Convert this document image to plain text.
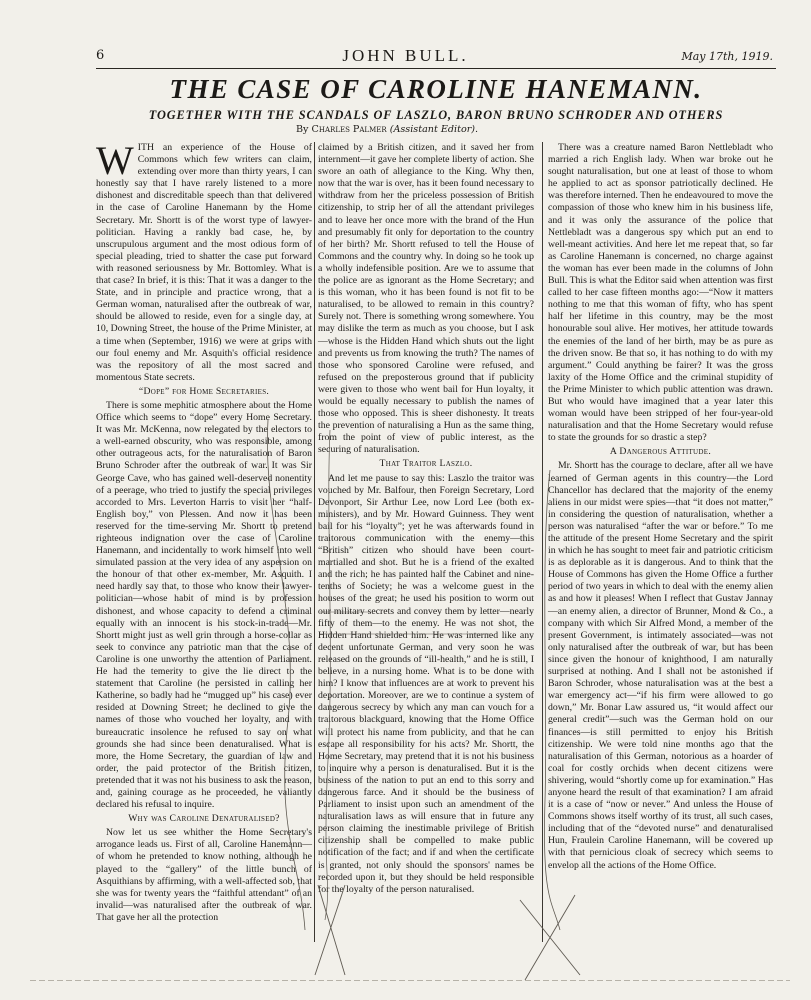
6	JOHN BULL.	May 17th, 1919.
THE CASE OF CAROLINE HANEMANN.
TOGETHER WITH THE SCANDALS OF LASZLO, BARON BRUNO SCHRODER AND OTHERS
By Charles Palmer (Assistant Editor).
W ITH an experience of the House of Commons which few writers can claim, extending over more than thirty years, I can honestly say that I have rarely listened to a more dishonest and discreditable speech than that delivered in the case of Caroline Hanemann by the Home Secretary. Mr. Shortt is of the worst type of lawyer-politician. Having a rankly bad case, he, by unscrupulous argument and the most odious form of special pleading, tried to shatter the case put forward with reasoned seriousness by Mr. Bottomley. What is that case? In brief, it is this: That it was a danger to the State, and in principle and practice wrong, that a German woman, naturalised after the outbreak of war, should be allowed to reside, even for a single day, at 10, Downing Street, the house of the Prime Minister, at a time when (September, 1916) we were at grips with our foul enemy and Mr. Asquith's official residence was the repository of all the most sacred and momentous State secrets.

“Dope” for Home Secretaries.

There is some mephitic atmosphere about the Home Office which seems to “dope” every Home Secretary. It was Mr. McKenna, now relegated by the electors to a well-earned obscurity, who was responsible, among other outrageous acts, for the naturalisation of Baron Bruno Schroder after the outbreak of war. It was Sir George Cave, who has gained well-deserved nonentity of a peerage, who tried to justify the special privileges accorded to Mrs. Leverton Harris to visit her “half-English boy,” von Plessen. And now it has been reserved for the time-serving Mr. Shortt to pretend righteous indignation over the case of Caroline Hanemann, and incidentally to work himself into well simulated passion at the very idea of any aspersion on the honour of that other ex-member, Mr. Asquith. I need hardly say that, to those who know their lawyer-politician—whose habit of mind is by profession dishonest, and whose capacity to defend a criminal equally with an innocent is his stock-in-trade—Mr. Shortt might just as well grin through a horse-collar as seek to convince any patriotic man that the case of Caroline is one unworthy the attention of Parliament. He had the temerity to give the lie direct to the statement that Caroline (he persisted in calling her Katherine, so badly had he “mugged up” his case) ever resided at Downing Street; he declined to give the names of those who vouched her loyalty, and with bureaucratic insolence he refused to say on what grounds she had since been denaturalised. What is more, the Home Secretary, the guardian of law and order, the paid protector of the British citizen, pretended that it was not his business to ask the reason, and, gaining courage as he proceeded, he valiantly declared his refusal to inquire.

Why was Caroline Denaturalised?

Now let us see whither the Home Secretary's arrogance leads us. First of all, Caroline Hanemann—of whom he pretended to know nothing, although he played to the “gallery” of the little bunch of Asquithians by affirming, with a well-affected sob, that she was for twenty years the “faithful attendant” of an invalid—was naturalised after the outbreak of war. That gave her all the protection

claimed by a British citizen, and it saved her from internment—it gave her complete liberty of action. She swore an oath of allegiance to the King. Why then, now that the war is over, has it been found necessary to withdraw from her the priceless possession of British citizenship, to strip her of all the attendant privileges and to leave her once more with the brand of the Hun and presumably fit only for deportation to the country of her birth? Mr. Shortt refused to tell the House of Commons and the country why. In doing so he took up a wholly indefensible position. Are we to assume that the police are as ignorant as the Home Secretary; and is this woman, who it has been found is not fit to be naturalised, to be allowed to remain in this country? Surely not. There is something wrong somewhere. You may dislike the term as much as you choose, but I ask—whose is the Hidden Hand which shuts out the light and prevents us from knowing the truth? The names of those who sponsored Caroline were refused, and refused on the preposterous ground that if publicity were given to those who went bail for Hun loyalty, it would be equally necessary to publish the names of those who opposed. This is sheer dishonesty. It treats the prevention of naturalising a Hun as the same thing, from the point of view of public interest, as the securing of naturalisation.

That Traitor Laszlo.

And let me pause to say this: Laszlo the traitor was vouched by Mr. Balfour, then Foreign Secretary, Lord Devonport, Sir Arthur Lee, now Lord Lee (both ex-ministers), and by Mr. Howard Guinness. They went bail for his “loyalty”; yet he was afterwards found in traitorous communication with the enemy—this “British” citizen who should have been court-martialled and shot. But he is a friend of the exalted and the rich; he has painted half the Cabinet and nine-tenths of Society; he was a welcome guest in the houses of the great; he used his position to worm out our military secrets and convey them by letter—nearly fifty of them—to the enemy. He was not shot, the Hidden Hand shielded him. He was interned like any decent unfortunate German, and very soon he was released on the grounds of “ill-health,” and he is still, I believe, in a nursing home. What is to be done with him? I know that influences are at work to prevent his deportation. Moreover, are we to continue a system of dangerous secrecy by which any man can vouch for a traitorous blackguard, knowing that the Home Office will protect his name from publicity, and that he can escape all responsibility for his acts? Mr. Shortt, the Home Secretary, may pretend that it is not his business to inquire why a person is denaturalised. But it is the business of the nation to put an end to this sorry and dangerous farce. And it should be the business of Parliament to insist upon such an amendment of the naturalisation laws as will ensure that in future any person claiming the inestimable privilege of British citizenship shall be compelled to make public notification of the fact; and if and when the certificate is granted, not only should the sponsors' names be recorded upon it, but they should be held responsible for the loyalty of the person naturalised.

There was a creature named Baron Nettlebladt who married a rich English lady. When war broke out he sought naturalisation, but one at least of those to whom he applied to act as sponsor patriotically declined. He was therefore interned. Then he endeavoured to move the compassion of those who knew him in his business life, and it was only the assurance of the police that Nettlebladt was a dangerous spy which put an end to well-meant activities. And here let me repeat that, so far as Caroline Hanemann is concerned, no charge against the woman has ever been made in the columns of John Bull. This is what the Editor said when attention was first called to her case fifteen months ago:—“Now it matters nothing to me that this woman of fifty, who has spent half her lifetime in this country, may be the most honourable soul alive. Her motives, her attitude towards the enemies of the land of her birth, may be as pure as the driven snow. Be that so, it has nothing to do with my argument.” Could anything be fairer? It was the gross laxity of the Home Office and the criminal stupidity of the Prime Minister to which public attention was drawn. But who would have imagined that a year later this woman would have been stripped of her four-year-old naturalisation and that the Home Secretary would refuse to state the grounds for so drastic a step?

A Dangerous Attitude.

Mr. Shortt has the courage to declare, after all we have learned of German agents in this country—the Lord Chancellor has declared that the majority of the enemy aliens in our midst were spies—that “it does not matter,” in considering the question of naturalisation, whether a person was naturalised “after the war or before.” To me the attitude of the present Home Secretary and the spirit in which he has sought to meet fair and patriotic criticism is as deplorable as it is dangerous. And to think that the House of Commons has given the Home Office a further period of two years in which to deal with the enemy alien as and how it pleases! When I reflect that Gustav Jannay—an enemy alien, a director of Brunner, Mond & Co., a company with which Sir Alfred Mond, a member of the present Government, is intimately associated—was not only naturalised after the outbreak of war, but has been since given the honour of knighthood, I am naturally surprised at nothing. And I shall not be astonished if Baron Schroder, whose naturalisation was at the best a war emergency act—“if his firm were allowed to go down,” Mr. Bonar Law assured us, “it would affect our general credit”—such was the German hold on our finances—is still permitted to enjoy his British citizenship. We were told nine months ago that the naturalisation of this German, notorious as a hoarder of coal for costly orchids when decent citizens were shivering, would “shortly come up for examination.” Has anyone heard the result of that examination? I am afraid it is a case of “now or never.” And unless the House of Commons shows itself worthy of its trust, all such cases, including that of the “devoted nurse” and denaturalised Hun, Fraulein Caroline Hanemann, will be covered up with that pernicious cloak of secrecy which seems to envelop all the actions of the Home Office.
